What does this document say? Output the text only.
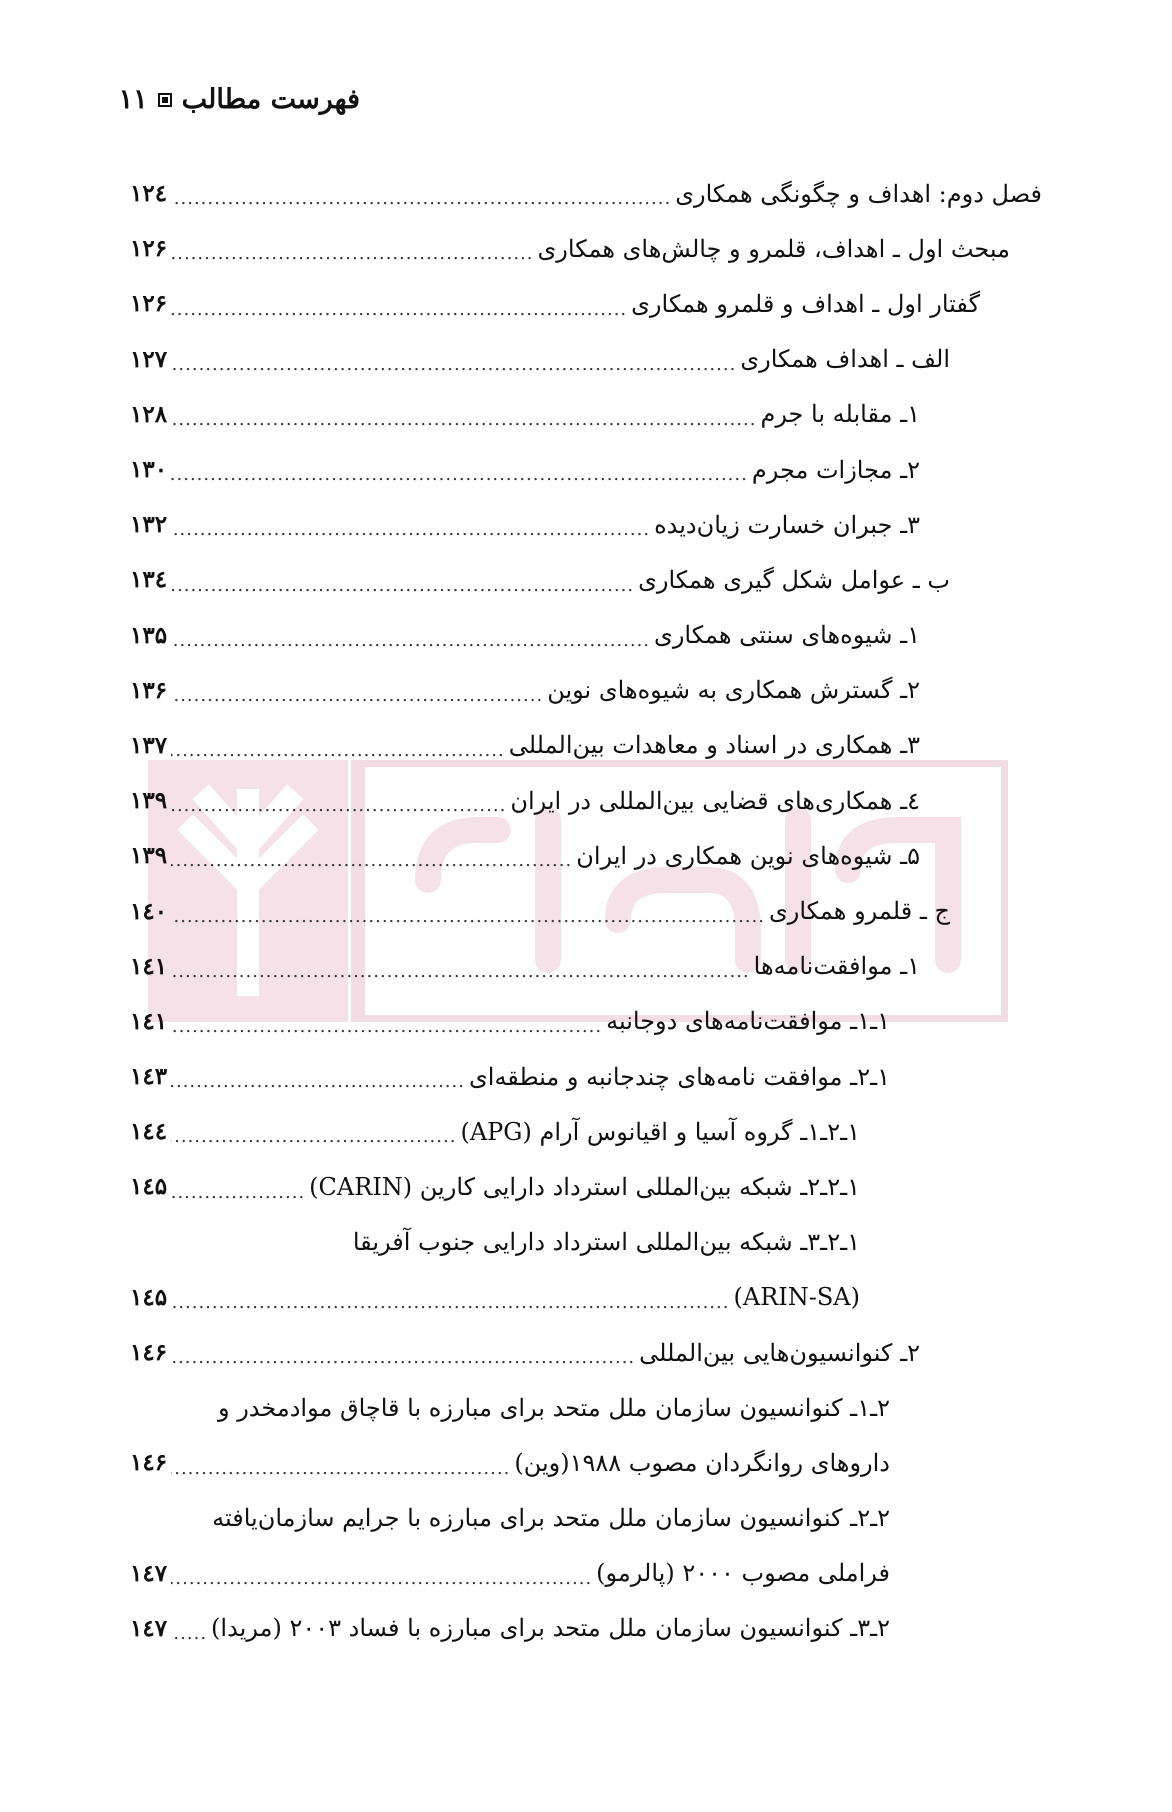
فهرست مطالب
۱۱
فصل دوم: اهداف و چگونگی همکاری
.....
۱۲٤
مبحث اول ـ اهداف، قلمرو و چالش‌های همکاری
.....
۱۲۶
گفتار اول ـ اهداف و قلمرو همکاری
.....
۱۲۶
الف ـ اهداف همکاری
.....
۱۲۷
۱ـ مقابله با جرم
.....
۱۲۸
۲ـ مجازات مجرم
.....
۱۳۰
۳ـ جبران خسارت زیان‌دیده
.....
۱۳۲
ب ـ عوامل شکل گیری همکاری
.....
۱۳٤
۱ـ شیوه‌های سنتی همکاری
.....
۱۳۵
۲ـ گسترش همکاری به شیوه‌های نوین
.....
۱۳۶
۳ـ همکاری در اسناد و معاهدات بین‌المللی
.....
۱۳۷
٤ـ همکاری‌های قضایی بین‌المللی در ایران
.....
۱۳۹
۵ـ شیوه‌های نوین همکاری در ایران
.....
۱۳۹
ج ـ قلمرو همکاری
.....
۱٤۰
۱ـ موافقت‌نامه‌ها
.....
۱٤۱
۱ـ۱ـ موافقت‌نامه‌های دوجانبه
.....
۱٤۱
۱ـ۲ـ موافقت نامه‌های چندجانبه و منطقه‌ای
.....
۱٤۳
۱ـ۲ـ۱ـ گروه آسیا و اقیانوس آرام (APG)
.....
۱٤٤
۱ـ۲ـ۲ـ شبکه بین‌المللی استرداد دارایی کارین (CARIN)
.....
۱٤۵
۱ـ۲ـ۳ـ شبکه بین‌المللی استرداد دارایی جنوب آفریقا
(ARIN-SA)
.....
۱٤۵
۲ـ کنوانسیون‌هایی بین‌المللی
.....
۱٤۶
۲ـ۱ـ کنوانسیون سازمان ملل متحد برای مبارزه با قاچاق موادمخدر و
داروهای روانگردان مصوب ۱۹۸۸(وین)
.....
۱٤۶
۲ـ۲ـ کنوانسیون سازمان ملل متحد برای مبارزه با جرایم سازمان‌یافته
فراملی مصوب ۲۰۰۰ (پالرمو)
.....
۱٤۷
۲ـ۳ـ کنوانسیون سازمان ملل متحد برای مبارزه با فساد ۲۰۰۳ (مریدا)
.....
۱٤۷
